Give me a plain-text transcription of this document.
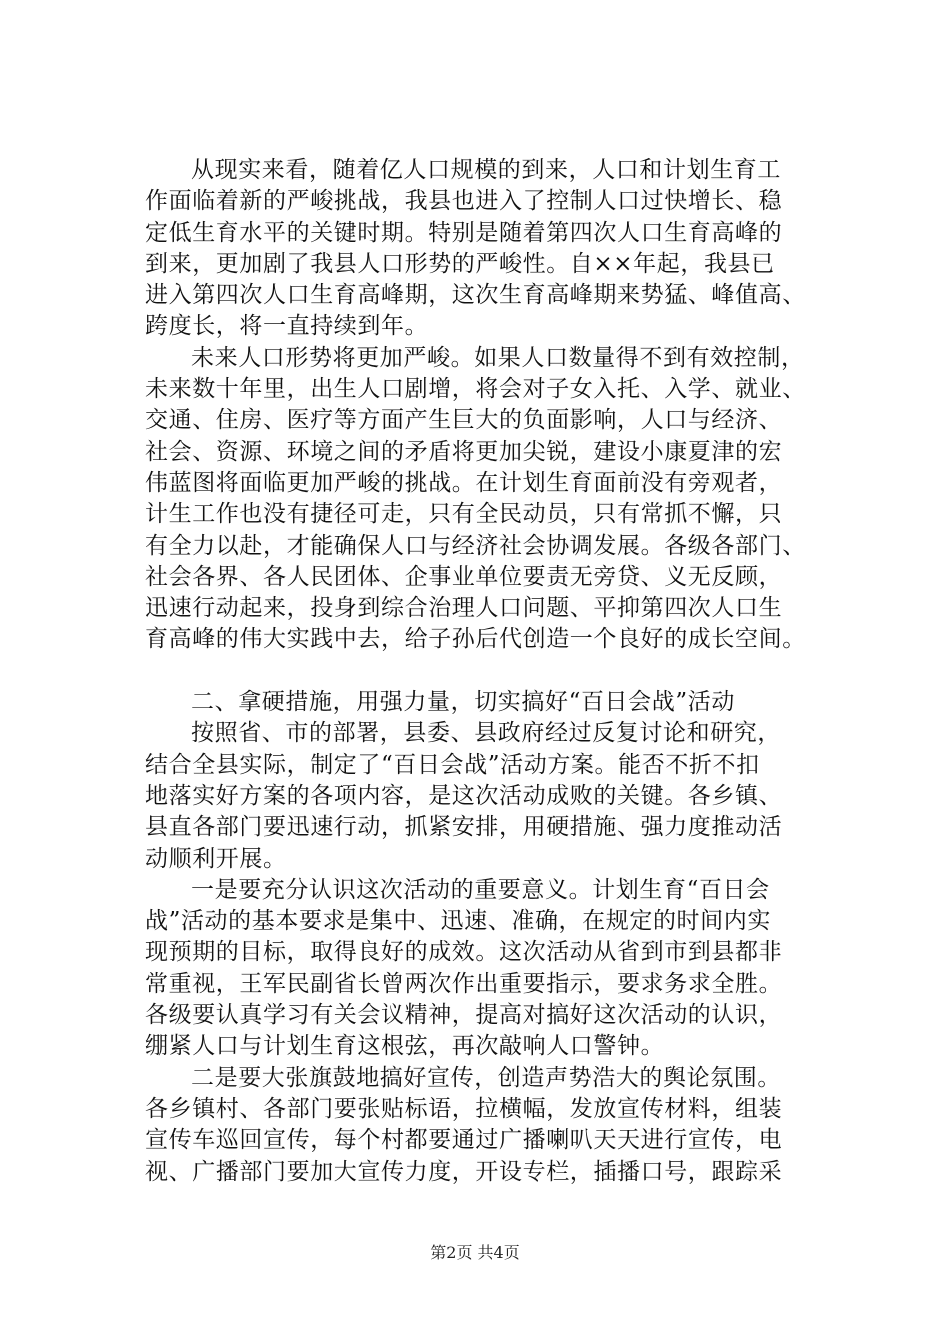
从现实来看，随着亿人口规模的到来，人口和计划生育工
作面临着新的严峻挑战，我县也进入了控制人口过快增长、稳
定低生育水平的关键时期。特别是随着第四次人口生育高峰的
到来，更加剧了我县人口形势的严峻性。自××年起，我县已
进入第四次人口生育高峰期，这次生育高峰期来势猛、峰值高、
跨度长，将一直持续到年。
未来人口形势将更加严峻。如果人口数量得不到有效控制，
未来数十年里，出生人口剧增，将会对子女入托、入学、就业、
交通、住房、医疗等方面产生巨大的负面影响，人口与经济、
社会、资源、环境之间的矛盾将更加尖锐，建设小康夏津的宏
伟蓝图将面临更加严峻的挑战。在计划生育面前没有旁观者，
计生工作也没有捷径可走，只有全民动员，只有常抓不懈，只
有全力以赴，才能确保人口与经济社会协调发展。各级各部门、
社会各界、各人民团体、企事业单位要责无旁贷、义无反顾，
迅速行动起来，投身到综合治理人口问题、平抑第四次人口生
育高峰的伟大实践中去，给子孙后代创造一个良好的成长空间。
二、拿硬措施，用强力量，切实搞好“百日会战”活动
按照省、市的部署，县委、县政府经过反复讨论和研究，
结合全县实际，制定了“百日会战”活动方案。能否不折不扣
地落实好方案的各项内容，是这次活动成败的关键。各乡镇、
县直各部门要迅速行动，抓紧安排，用硬措施、强力度推动活
动顺利开展。
一是要充分认识这次活动的重要意义。计划生育“百日会
战”活动的基本要求是集中、迅速、准确，在规定的时间内实
现预期的目标，取得良好的成效。这次活动从省到市到县都非
常重视，王军民副省长曾两次作出重要指示，要求务求全胜。
各级要认真学习有关会议精神，提高对搞好这次活动的认识，
绷紧人口与计划生育这根弦，再次敲响人口警钟。
二是要大张旗鼓地搞好宣传，创造声势浩大的舆论氛围。
各乡镇村、各部门要张贴标语，拉横幅，发放宣传材料，组装
宣传车巡回宣传，每个村都要通过广播喇叭天天进行宣传，电
视、广播部门要加大宣传力度，开设专栏，插播口号，跟踪采
第2页 共4页
